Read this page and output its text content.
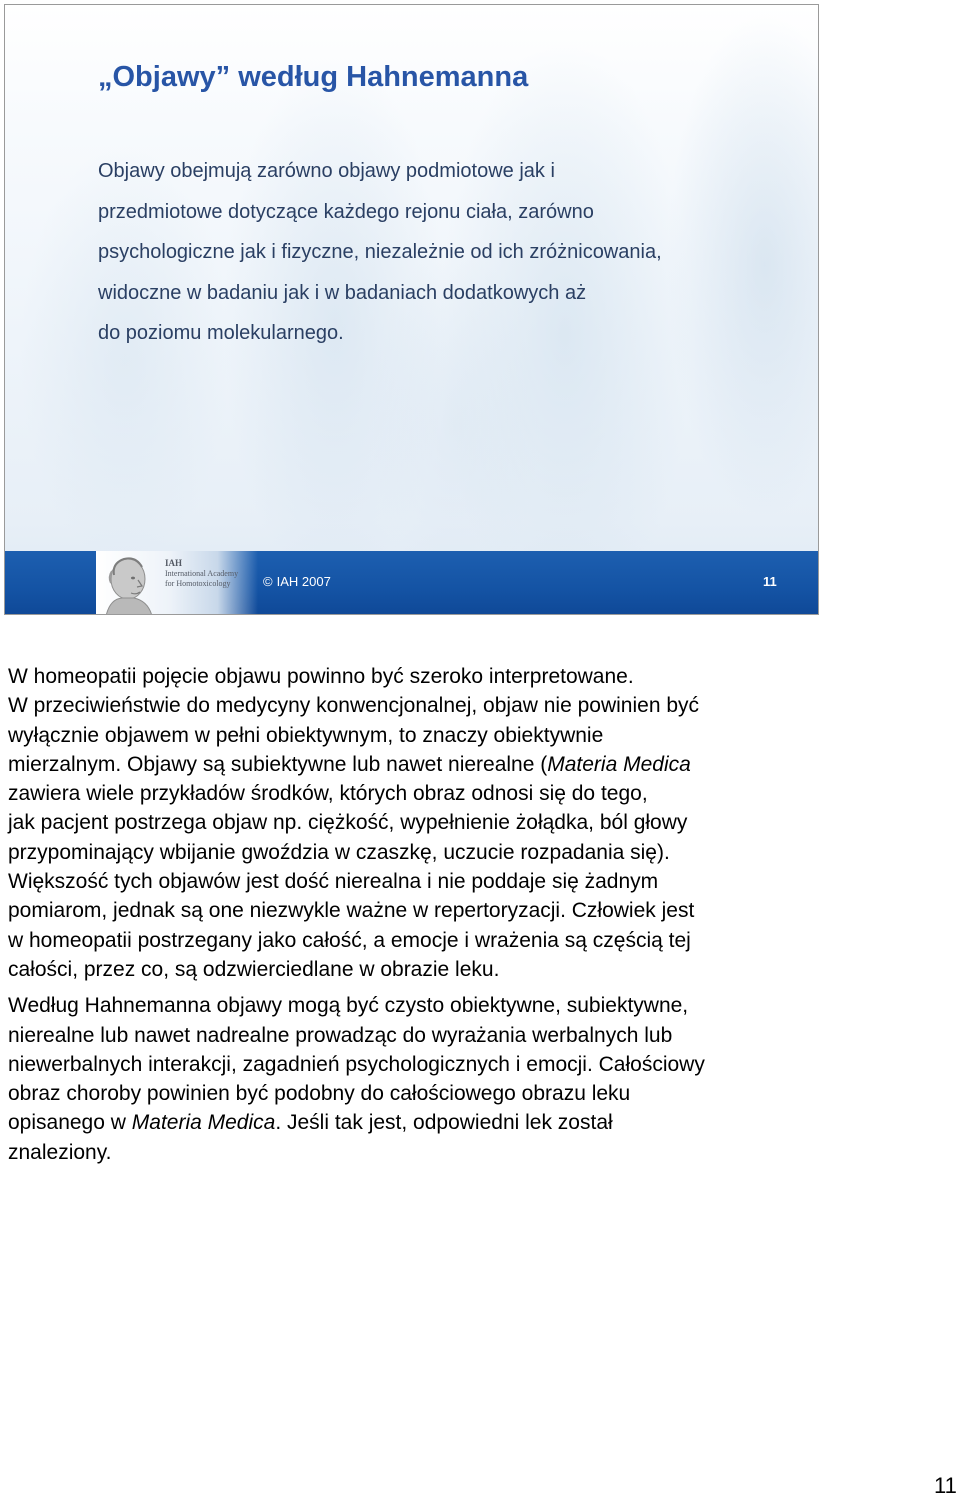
„Objawy” według Hahnemanna
Objawy obejmują zarówno objawy podmiotowe jak i
przedmiotowe dotyczące każdego rejonu ciała, zarówno
psychologiczne jak i fizyczne, niezależnie od ich zróżnicowania,
widoczne w badaniu jak i w badaniach dodatkowych aż
do poziomu molekularnego.
IAH
International Academy
for Homotoxicology	© IAH 2007	11

W homeopatii pojęcie objawu powinno być szeroko interpretowane.
W przeciwieństwie do medycyny konwencjonalnej, objaw nie powinien być
wyłącznie objawem w pełni obiektywnym, to znaczy obiektywnie
mierzalnym. Objawy są subiektywne lub nawet nierealne (Materia Medica
zawiera wiele przykładów środków, których obraz odnosi się do tego,
jak pacjent postrzega objaw np. ciężkość, wypełnienie żołądka, ból głowy
przypominający wbijanie gwoździa w czaszkę, uczucie rozpadania się).
Większość tych objawów jest dość nierealna i nie poddaje się żadnym
pomiarom, jednak są one niezwykle ważne w repertoryzacji. Człowiek jest
w homeopatii postrzegany jako całość, a emocje i wrażenia są częścią tej
całości, przez co, są odzwierciedlane w obrazie leku.

Według Hahnemanna objawy mogą być czysto obiektywne, subiektywne,
nierealne lub nawet nadrealne prowadząc do wyrażania werbalnych lub
niewerbalnych interakcji, zagadnień psychologicznych i emocji. Całościowy
obraz choroby powinien być podobny do całościowego obrazu leku
opisanego w Materia Medica. Jeśli tak jest, odpowiedni lek został
znaleziony.

11
